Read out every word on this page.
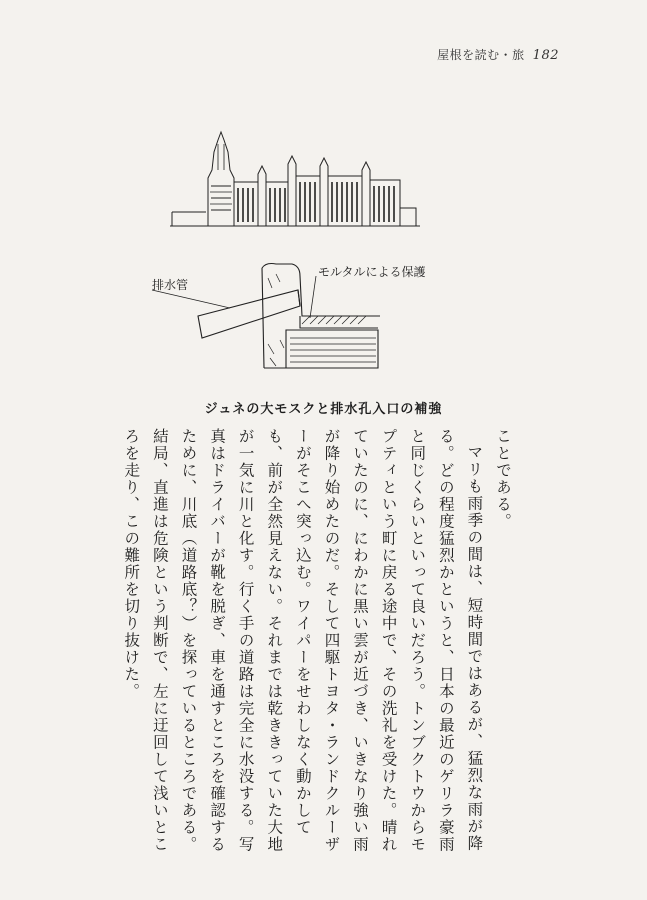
屋根を読む・旅 182
排水管
モルタルによる保護
ジュネの大モスクと排水孔入口の補強

ことである。

マリも雨季の間は、短時間ではあるが、猛烈な雨が降る。どの程度猛烈かというと、日本の最近のゲリラ豪雨と同じくらいといって良いだろう。トンブクトウからモプティという町に戻る途中で、その洗礼を受けた。晴れていたのに、にわかに黒い雲が近づき、いきなり強い雨が降り始めたのだ。そして四駆トヨタ・ランドクルーザーがそこへ突っ込む。ワイパーをせわしなく動かしても、前が全然見えない。それまでは乾ききっていた大地が一気に川と化す。行く手の道路は完全に水没する。写真はドライバーが靴を脱ぎ、車を通すところを確認するために、川底（道路底？）を探っているところである。結局、直進は危険という判断で、左に迂回して浅いところを走り、この難所を切り抜けた。
